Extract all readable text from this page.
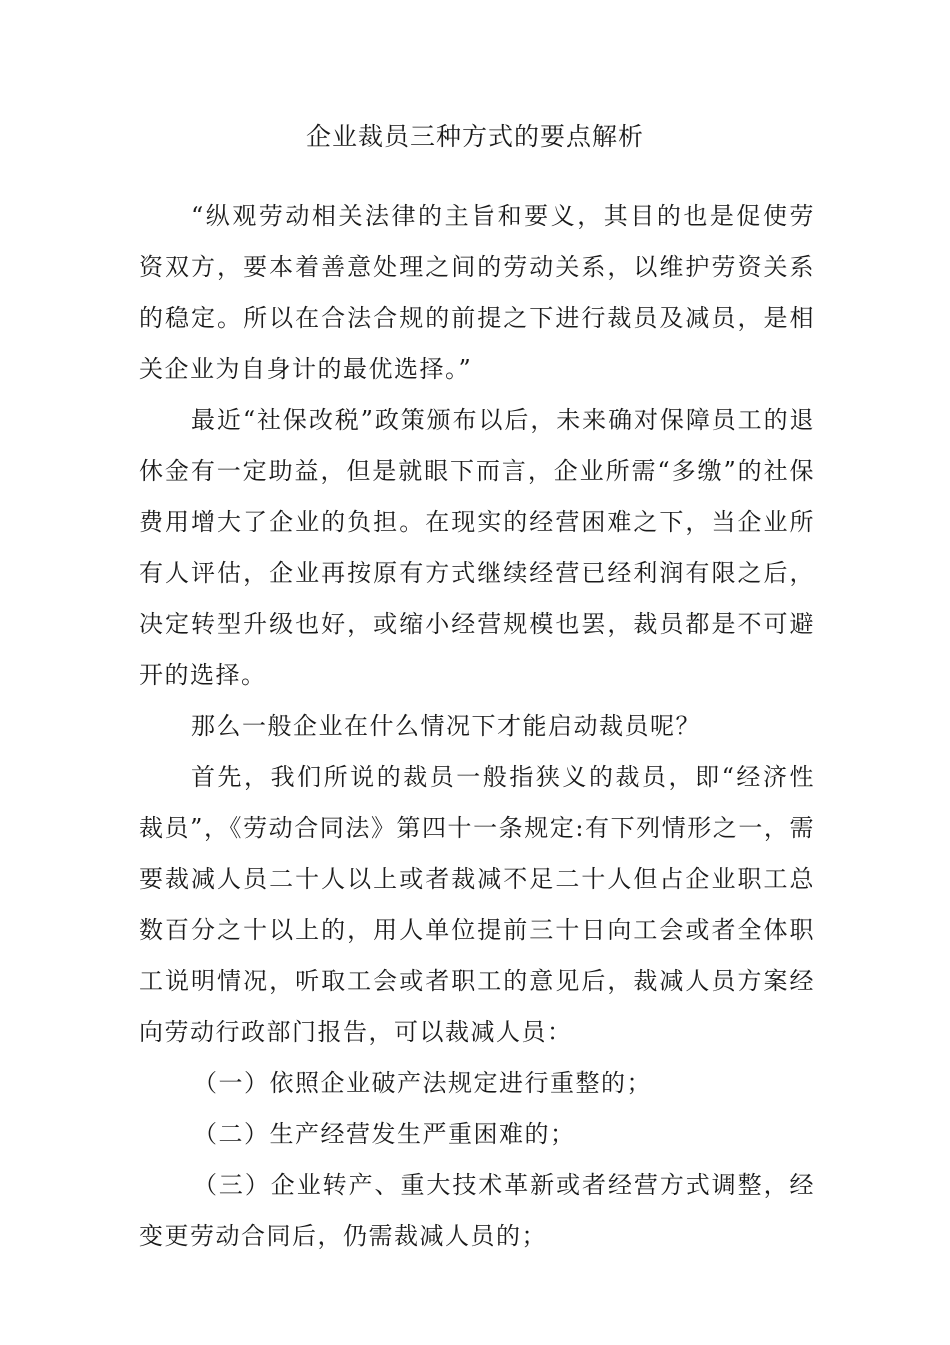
企业裁员三种方式的要点解析

“纵观劳动相关法律的主旨和要义，其目的也是促使劳资双方，要本着善意处理之间的劳动关系，以维护劳资关系的稳定。所以在合法合规的前提之下进行裁员及减员，是相关企业为自身计的最优选择。”

最近“社保改税”政策颁布以后，未来确对保障员工的退休金有一定助益，但是就眼下而言，企业所需“多缴”的社保费用增大了企业的负担。在现实的经营困难之下，当企业所有人评估，企业再按原有方式继续经营已经利润有限之后，决定转型升级也好，或缩小经营规模也罢，裁员都是不可避开的选择。

那么一般企业在什么情况下才能启动裁员呢？

首先，我们所说的裁员一般指狭义的裁员，即“经济性裁员”，《劳动合同法》第四十一条规定:有下列情形之一，需要裁减人员二十人以上或者裁减不足二十人但占企业职工总数百分之十以上的，用人单位提前三十日向工会或者全体职工说明情况，听取工会或者职工的意见后，裁减人员方案经向劳动行政部门报告，可以裁减人员：

（一）依照企业破产法规定进行重整的；

（二）生产经营发生严重困难的；

（三）企业转产、重大技术革新或者经营方式调整，经变更劳动合同后，仍需裁减人员的；
